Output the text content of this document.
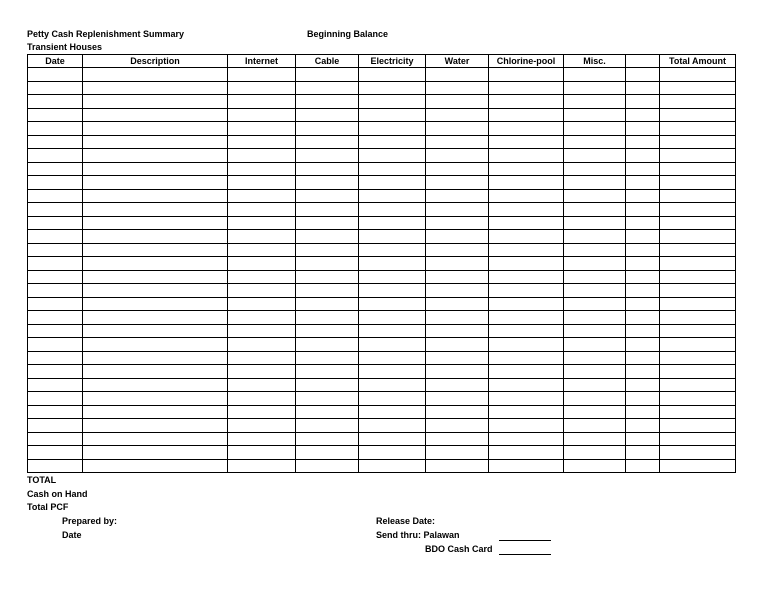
Petty Cash Replenishment Summary
Transient Houses
Beginning Balance
Date	Description	Internet	Cable	Electricity	Water	Chlorine-pool	Misc.		Total Amount

TOTAL
Cash on Hand
Total PCF
Prepared by:
Date
Release Date:
Send thru: Palawan
BDO Cash Card
